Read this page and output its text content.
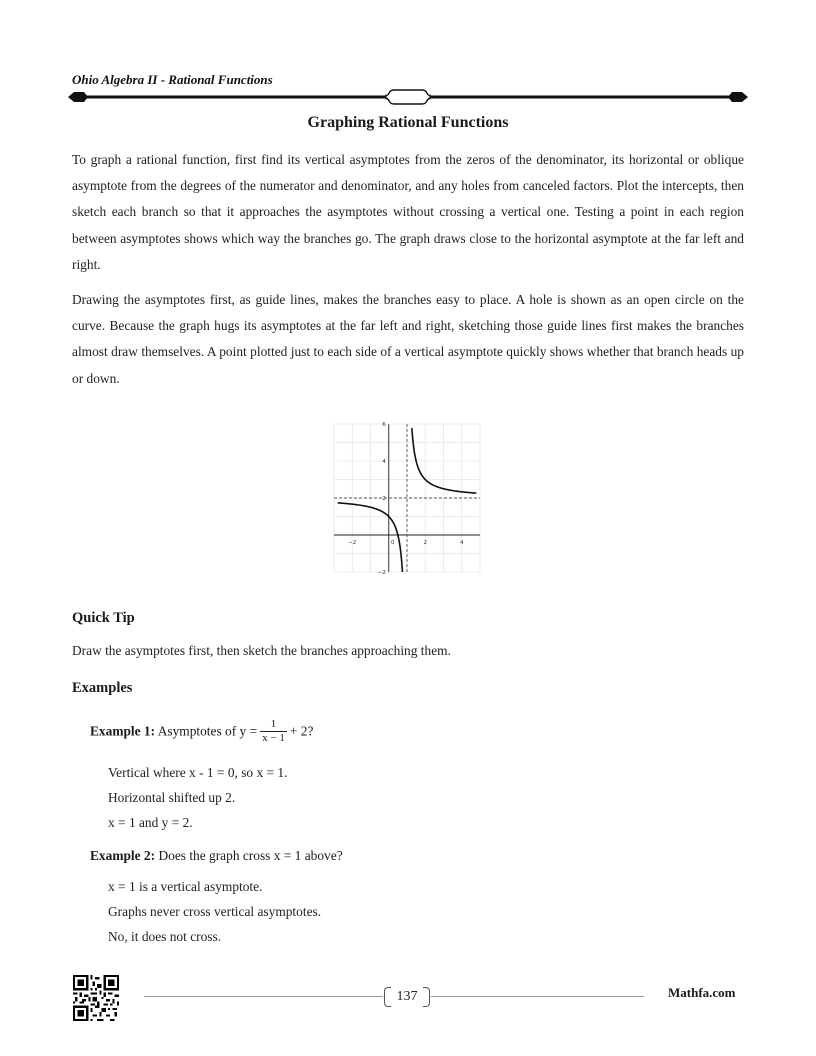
Ohio Algebra II - Rational Functions
Graphing Rational Functions

To graph a rational function, first find its vertical asymptotes from the zeros of the denominator, its horizontal or oblique asymptote from the degrees of the numerator and denominator, and any holes from canceled factors. Plot the intercepts, then sketch each branch so that it approaches the asymptotes without crossing a vertical one. Testing a point in each region between asymptotes shows which way the branches go. The graph draws close to the horizontal asymptote at the far left and right.

Drawing the asymptotes first, as guide lines, makes the branches easy to place. A hole is shown as an open circle on the curve. Because the graph hugs its asymptotes at the far left and right, sketching those guide lines first makes the branches almost draw themselves. A point plotted just to each side of a vertical asymptote quickly shows whether that branch heads up or down.

−2	0	2	4
−2
2
4
6
Quick Tip
Draw the asymptotes first, then sketch the branches approaching them.
Examples
Example 1: Asymptotes of $y = \frac{1}{x - 1} + 2$?
Vertical where x - 1 = 0, so x = 1.
Horizontal shifted up 2.
x = 1 and y = 2.
Example 2: Does the graph cross x = 1 above?
x = 1 is a vertical asymptote.
Graphs never cross vertical asymptotes.
No, it does not cross.
137	Mathfa.com
